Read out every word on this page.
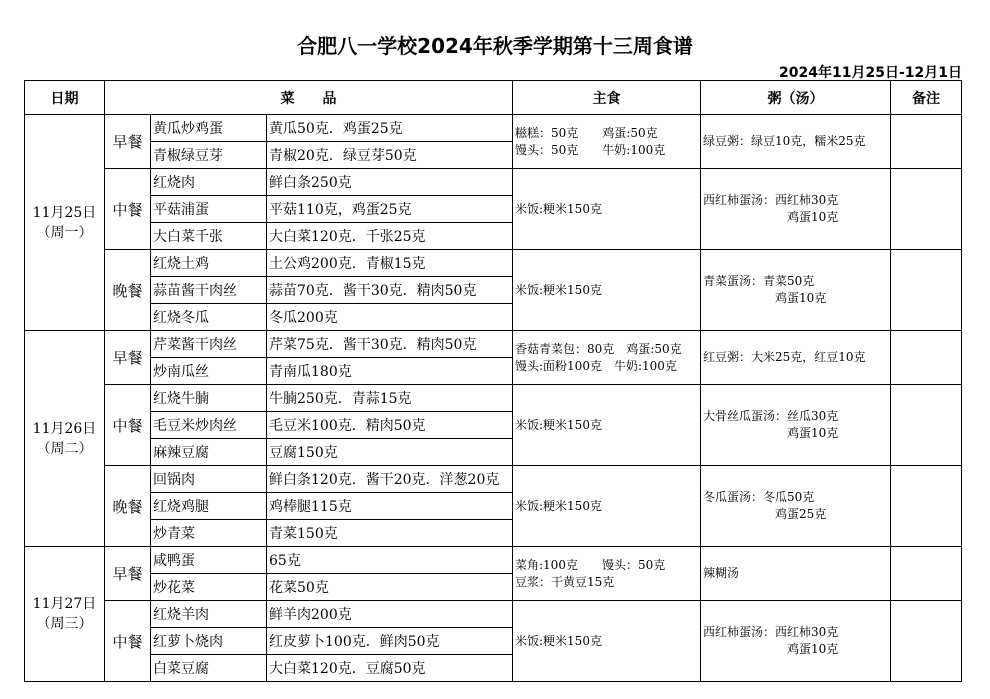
合肥八一学校2024年秋季学期第十三周食谱
2024年11月25日-12月1日
日期	菜　　品			主食	粥（汤）	备注
11月25日
（周一）	早餐	黄瓜炒鸡蛋	黄瓜50克．鸡蛋25克	糍糕：50克　　鸡蛋:50克
馒头：50克　　牛奶:100克	绿豆粥：绿豆10克，糯米25克	
		青椒绿豆芽	青椒20克．绿豆芽50克			
	中餐	红烧肉	鲜白条250克	米饭:粳米150克	西红柿蛋汤：西红柿30克
　　　　　　　鸡蛋10克	
		平菇浦蛋	平菇110克，鸡蛋25克			
		大白菜千张	大白菜120克．千张25克			
	晚餐	红烧土鸡	土公鸡200克．青椒15克	米饭:粳米150克	青菜蛋汤：青菜50克
　　　　　　鸡蛋10克	
		蒜苗酱干肉丝	蒜苗70克．酱干30克．精肉50克			
		红烧冬瓜	冬瓜200克			
11月26日
（周二）	早餐	芹菜酱干肉丝	芹菜75克．酱干30克．精肉50克	香菇青菜包：80克　鸡蛋:50克
馒头:面粉100克　牛奶:100克	红豆粥：大米25克，红豆10克	
		炒南瓜丝	青南瓜180克			
	中餐	红烧牛腩	牛腩250克．青蒜15克	米饭:粳米150克	大骨丝瓜蛋汤：丝瓜30克
　　　　　　　鸡蛋10克	
		毛豆米炒肉丝	毛豆米100克．精肉50克			
		麻辣豆腐	豆腐150克			
	晚餐	回锅肉	鲜白条120克．酱干20克．洋葱20克	米饭:粳米150克	冬瓜蛋汤：冬瓜50克
　　　　　　鸡蛋25克	
		红烧鸡腿	鸡棒腿115克			
		炒青菜	青菜150克			
11月27日
（周三）	早餐	咸鸭蛋	65克	菜角:100克　　馒头：50克
豆浆：干黄豆15克	辣糊汤	
		炒花菜	花菜50克			
	中餐	红烧羊肉	鲜羊肉200克	米饭:粳米150克	西红柿蛋汤：西红柿30克
　　　　　　　鸡蛋10克	
		红萝卜烧肉	红皮萝卜100克．鲜肉50克			
		白菜豆腐	大白菜120克．豆腐50克			
